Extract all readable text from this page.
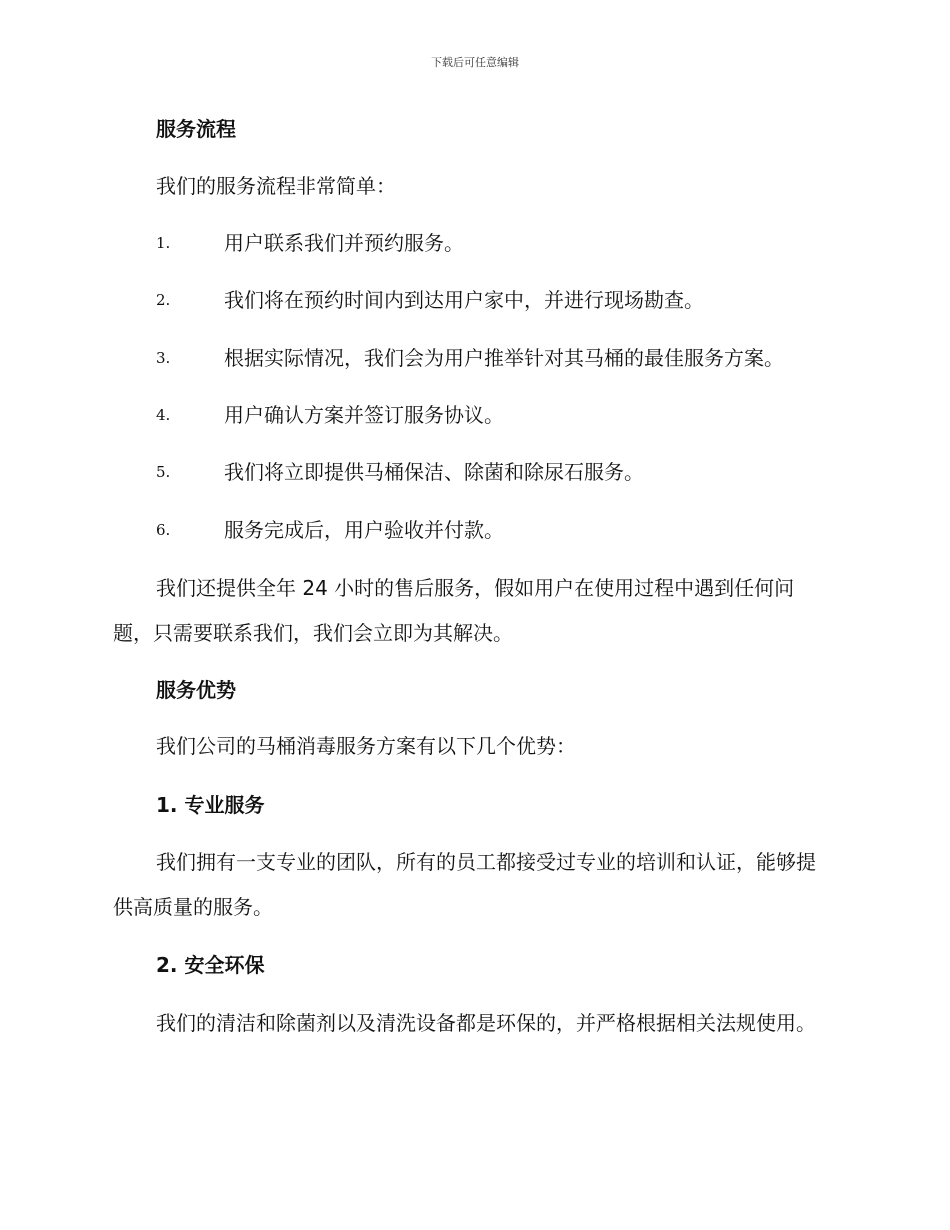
下载后可任意编辑
服务流程
我们的服务流程非常简单：
1.	用户联系我们并预约服务。
2.	我们将在预约时间内到达用户家中，并进行现场勘查。
3.	根据实际情况，我们会为用户推举针对其马桶的最佳服务方案。
4.	用户确认方案并签订服务协议。
5.	我们将立即提供马桶保洁、除菌和除尿石服务。
6.	服务完成后，用户验收并付款。
我们还提供全年 24 小时的售后服务，假如用户在使用过程中遇到任何问题，只需要联系我们，我们会立即为其解决。
服务优势
我们公司的马桶消毒服务方案有以下几个优势：
1. 专业服务
我们拥有一支专业的团队，所有的员工都接受过专业的培训和认证，能够提供高质量的服务。
2. 安全环保
我们的清洁和除菌剂以及清洗设备都是环保的，并严格根据相关法规使用。
